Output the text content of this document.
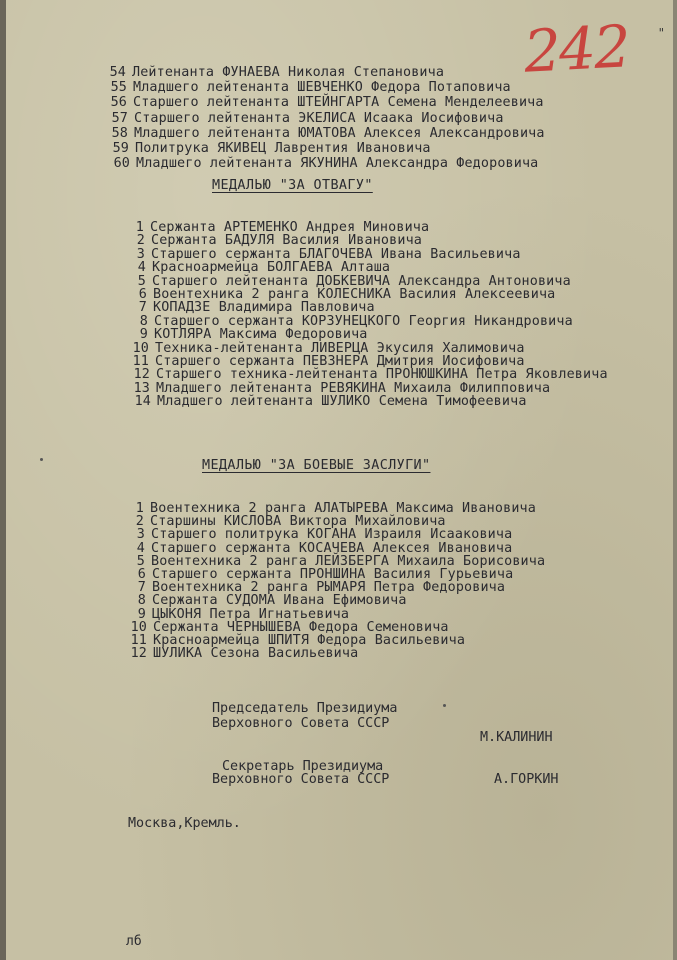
"
242
54 Лейтенанта ФУНАЕВА Николая Степановича
55 Младшего лейтенанта ШЕВЧЕНКО Федора Потаповича
56 Старшего лейтенанта ШТЕЙНГАРТА Семена Менделеевича
57 Старшего лейтенанта ЭКЕЛИСА Исаака Иосифовича
58 Младшего лейтенанта ЮМАТОВА Алексея Александровича
59 Политрука ЯКИВЕЦ Лаврентия Ивановича
60 Младшего лейтенанта ЯКУНИНА Александра Федоровича
МЕДАЛЬЮ "ЗА ОТВАГУ"
1 Сержанта АРТЕМЕНКО Андрея Миновича
2 Сержанта БАДУЛЯ Василия Ивановича
3 Старшего сержанта БЛАГОЧЕВА Ивана Васильевича
4 Красноармейца БОЛГАЕВА Алташа
5 Старшего лейтенанта ДОБКЕВИЧА Александра Антоновича
6 Воентехника 2 ранга КОЛЕСНИКА Василия Алексеевича
7 КОПАДЗЕ Владимира Павловича
8 Старшего сержанта КОРЗУНЕЦКОГО Георгия Никандровича
9 КОТЛЯРА Максима Федоровича
10 Техника-лейтенанта ЛИВЕРЦА Экусиля Халимовича
11 Старшего сержанта ПЕВЗНЕРА Дмитрия Иосифовича
12 Старшего техника-лейтенанта ПРОНЮШКИНА Петра Яковлевича
13 Младшего лейтенанта РЕВЯКИНА Михаила Филипповича
14 Младшего лейтенанта ШУЛИКО Семена Тимофеевича
МЕДАЛЬЮ "ЗА БОЕВЫЕ ЗАСЛУГИ"
1 Воентехника 2 ранга АЛАТЫРЕВА Максима Ивановича
2 Старшины КИСЛОВА Виктора Михайловича
3 Старшего политрука КОГАНА Израиля Исааковича
4 Старшего сержанта КОСАЧЕВА Алексея Ивановича
5 Воентехника 2 ранга ЛЕЙЗБЕРГА Михаила Борисовича
6 Старшего сержанта ПРОНШИНА Василия Гурьевича
7 Воентехника 2 ранга РЫМАРЯ Петра Федоровича
8 Сержанта СУДОМА Ивана Ефимовича
9 ЦЫКОНЯ Петра Игнатьевича
10 Сержанта ЧЕРНЫШЕВА Федора Семеновича
11 Красноармейца ШПИТЯ Федора Васильевича
12 ШУЛИКА Сезона Васильевича
Председатель Президиума
Верховного Совета СССР
М.КАЛИНИН
Секретарь Президиума
Верховного Совета СССР	А.ГОРКИН
Москва,Кремль.
лб
